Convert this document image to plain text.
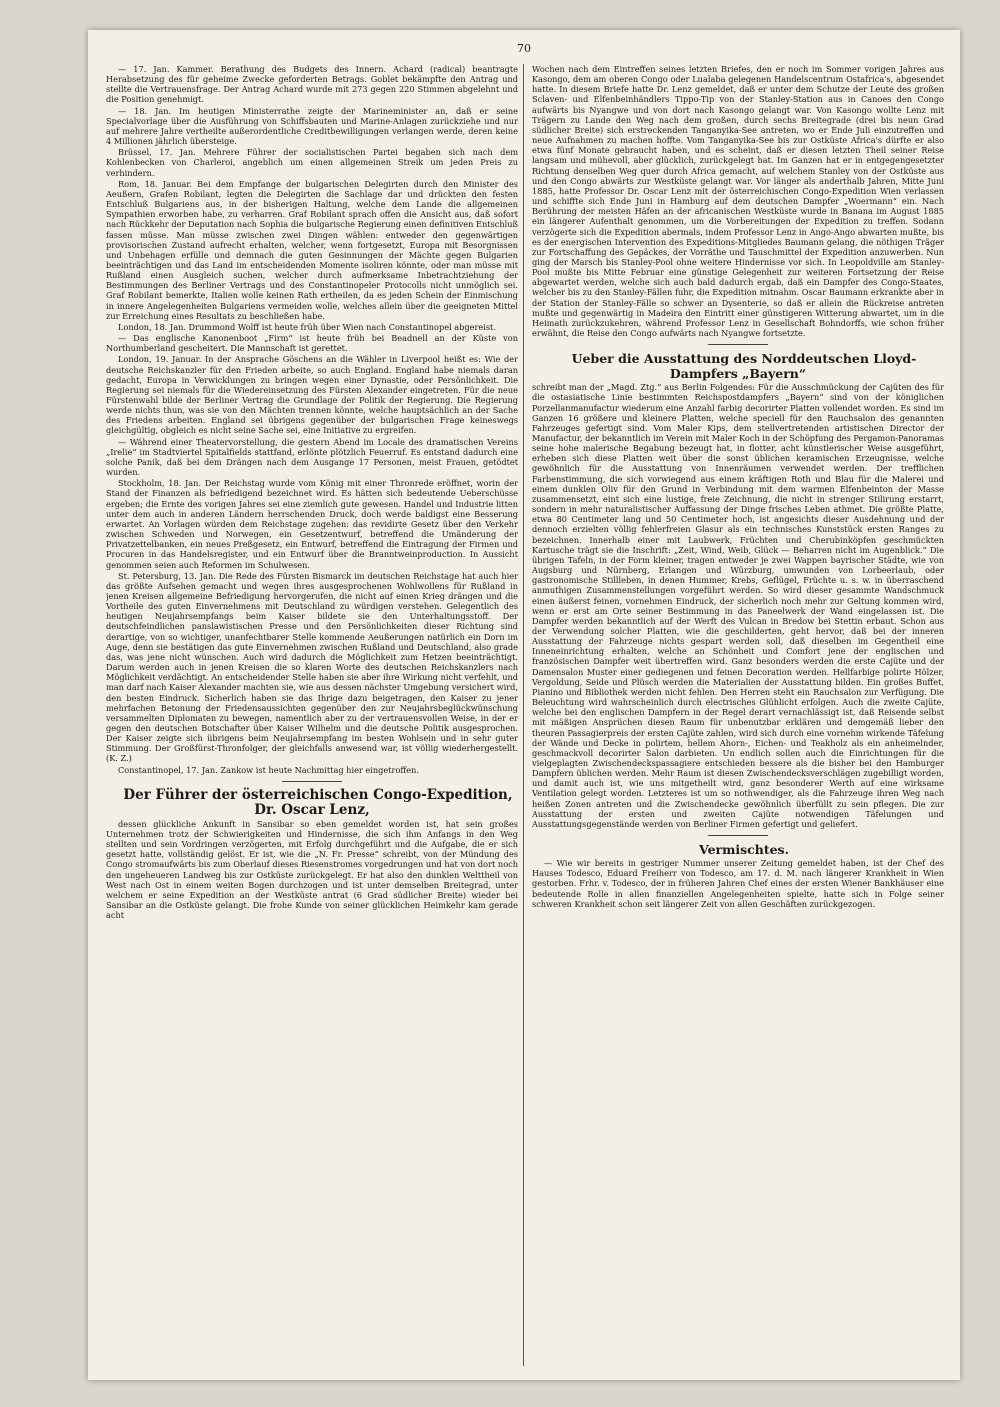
70

— 17. Jan. Kammer. Berathung des Budgets des Innern. Achard (radical) beantragte Herabsetzung des für geheime Zwecke geforderten Betrags. Goblet bekämpfte den Antrag und stellte die Vertrauensfrage. Der Antrag Achard wurde mit 273 gegen 220 Stimmen abgelehnt und die Position genehmigt.

— 18. Jan. Im heutigen Ministerrathe zeigte der Marineminister an, daß er seine Specialvorlage über die Ausführung von Schiffsbauten und Marine-Anlagen zurückziehe und nur auf mehrere Jahre vertheilte außerordentliche Creditbewilligungen verlangen werde, deren keine 4 Millionen jährlich übersteige.

Brüssel, 17. Jan. Mehrere Führer der socialistischen Partei begaben sich nach dem Kohlenbecken von Charleroi, angeblich um einen allgemeinen Streik um jeden Preis zu verhindern.

Rom, 18. Januar. Bei dem Empfange der bulgarischen Delegirten durch den Minister des Aeußern, Grafen Robilant, legten die Delegirten die Sachlage dar und drückten den festen Entschluß Bulgariens aus, in der bisherigen Haltung, welche dem Lande die allgemeinen Sympathien erworben habe, zu verharren. Graf Robilant sprach offen die Ansicht aus, daß sofort nach Rückkehr der Deputation nach Sophia die bulgarische Regierung einen definitiven Entschluß fassen müsse. Man müsse zwischen zwei Dingen wählen: entweder den gegenwärtigen provisorischen Zustand aufrecht erhalten, welcher, wenn fortgesetzt, Europa mit Besorgnissen und Unbehagen erfülle und demnach die guten Gesinnungen der Mächte gegen Bulgarien beeinträchtigen und das Land im entscheidenden Momente isoliren könnte, oder man müsse mit Rußland einen Ausgleich suchen, welcher durch aufmerksame Inbetrachtziehung der Bestimmungen des Berliner Vertrags und des Constantinopeler Protocolls nicht unmöglich sei. Graf Robilant bemerkte, Italien wolle keinen Rath ertheilen, da es jeden Schein der Einmischung in innere Angelegenheiten Bulgariens vermeiden wolle, welches allein über die geeigneten Mittel zur Erreichung eines Resultats zu beschließen habe.

London, 18. Jan. Drummond Wolff ist heute früh über Wien nach Constantinopel abgereist.

— Das englische Kanonenboot „Firm“ ist heute früh bei Beadnell an der Küste von Northumberland gescheitert. Die Mannschaft ist gerettet.

London, 19. Januar. In der Ansprache Göschens an die Wähler in Liverpool heißt es: Wie der deutsche Reichskanzler für den Frieden arbeite, so auch England. England habe niemals daran gedacht, Europa in Verwicklungen zu bringen wegen einer Dynastie, oder Persönlichkeit. Die Regierung sei niemals für die Wiedereinsetzung des Fürsten Alexander eingetreten. Für die neue Fürstenwahl bilde der Berliner Vertrag die Grundlage der Politik der Regierung. Die Regierung werde nichts thun, was sie von den Mächten trennen könnte, welche hauptsächlich an der Sache des Friedens arbeiten. England sei übrigens gegenüber der bulgarischen Frage keineswegs gleichgültig, obgleich es nicht seine Sache sei, eine Initiative zu ergreifen.

— Während einer Theatervorstellung, die gestern Abend im Locale des dramatischen Vereins „Irelie“ im Stadtviertel Spitalfields stattfand, erlönte plötzlich Feuerruf. Es entstand dadurch eine solche Panik, daß bei dem Drängen nach dem Ausgange 17 Personen, meist Frauen, getödtet wurden.

Stockholm, 18. Jan. Der Reichstag wurde vom König mit einer Thronrede eröffnet, worin der Stand der Finanzen als befriedigend bezeichnet wird. Es hätten sich bedeutende Ueberschüsse ergeben; die Ernte des vorigen Jahres sei eine ziemlich gute gewesen. Handel und Industrie litten unter dem auch in anderen Ländern herrschenden Druck, doch werde baldigst eine Besserung erwartet. An Vorlagen würden dem Reichstage zugehen: das revidirte Gesetz über den Verkehr zwischen Schweden und Norwegen, ein Gesetzentwurf, betreffend die Umänderung der Privatzettelbanken, ein neues Preßgesetz, ein Entwurf, betreffend die Eintragung der Firmen und Procuren in das Handelsregister, und ein Entwurf über die Branntweinproduction. In Aussicht genommen seien auch Reformen im Schulwesen.

St. Petersburg, 13. Jan. Die Rede des Fürsten Bismarck im deutschen Reichstage hat auch hier das größte Aufsehen gemacht und wegen ihres ausgesprochenen Wohlwollens für Rußland in jenen Kreisen allgemeine Befriedigung hervorgerufen, die nicht auf einen Krieg drängen und die Vortheile des guten Einvernehmens mit Deutschland zu würdigen verstehen. Gelegentlich des heutigen Neujahrsempfangs beim Kaiser bildete sie den Unterhaltungsstoff. Der deutschfeindlichen panslawistischen Presse und den Persönlichkeiten dieser Richtung sind derartige, von so wichtiger, unanfechtbarer Stelle kommende Aeußerungen natürlich ein Dorn im Auge, denn sie bestätigen das gute Einvernehmen zwischen Rußland und Deutschland, also grade das, was jene nicht wünschen. Auch wird dadurch die Möglichkeit zum Hetzen beeinträchtigt. Darum werden auch in jenen Kreisen die so klaren Worte des deutschen Reichskanzlers nach Möglichkeit verdächtigt. An entscheidender Stelle haben sie aber ihre Wirkung nicht verfehlt, und man darf nach Kaiser Alexander machten sie, wie aus dessen nächster Umgebung versichert wird, den besten Eindruck. Sicherlich haben sie das Ihrige dazu beigetragen, den Kaiser zu jener mehrfachen Betonung der Friedensaussichten gegenüber den zur Neujahrsbeglückwünschung versammelten Diplomaten zu bewegen, namentlich aber zu der vertrauensvollen Weise, in der er gegen den deutschen Botschafter über Kaiser Wilhelm und die deutsche Politik ausgesprochen. Der Kaiser zeigte sich übrigens beim Neujahrsempfang im besten Wohlsein und in sehr guter Stimmung. Der Großfürst-Thronfolger, der gleichfalls anwesend war, ist völlig wiederhergestellt. (K. Z.)

Constantinopel, 17. Jan. Zankow ist heute Nachmittag hier eingetroffen.

Der Führer der österreichischen Congo-Expedition, Dr. Oscar Lenz,

dessen glückliche Ankunft in Sansibar so eben gemeldet worden ist, hat sein großes Unternehmen trotz der Schwierigkeiten und Hindernisse, die sich ihm Anfangs in den Weg stellten und sein Vordringen verzögerten, mit Erfolg durchgeführt und die Aufgabe, die er sich gesetzt hatte, vollständig gelöst. Er ist, wie die „N. Fr. Presse“ schreibt, von der Mündung des Congo stromaufwärts bis zum Oberlauf dieses Riesenstromes vorgedrungen und hat von dort noch den ungeheueren Landweg bis zur Ostküste zurückgelegt. Er hat also den dunklen Welttheil von West nach Ost in einem weiten Bogen durchzogen und ist unter demselben Breitegrad, unter welchem er seine Expedition an der Westküste antrat (6 Grad südlicher Breite) wieder bei Sansibar an die Ostküste gelangt. Die frohe Kunde von seiner glücklichen Heimkehr kam gerade acht

Wochen nach dem Eintreffen seines letzten Briefes, den er noch im Sommer vorigen Jahres aus Kasongo, dem am oberen Congo oder Lualaba gelegenen Handelscentrum Ostafrica's, abgesendet hatte. In diesem Briefe hatte Dr. Lenz gemeldet, daß er unter dem Schutze der Leute des großen Sclaven- und Elfenbeinhändlers Tippo-Tip von der Stanley-Station aus in Canoes den Congo aufwärts bis Nyangwe und von dort nach Kasongo gelangt war. Von Kasongo wollte Lenz mit Trägern zu Lande den Weg nach dem großen, durch sechs Breitegrade (drei bis neun Grad südlicher Breite) sich erstreckenden Tanganyika-See antreten, wo er Ende Juli einzutreffen und neue Aufnahmen zu machen hoffte. Vom Tanganyika-See bis zur Ostküste Africa's dürfte er also etwa fünf Monate gebraucht haben, und es scheint, daß er diesen letzten Theil seiner Reise langsam und mühevoll, aber glücklich, zurückgelegt hat. Im Ganzen hat er in entgegengesetzter Richtung denselben Weg quer durch Africa gemacht, auf welchem Stanley von der Ostküste aus und den Congo abwärts zur Westküste gelangt war. Vor länger als anderthalb Jahren, Mitte Juni 1885, hatte Professor Dr. Oscar Lenz mit der österreichischen Congo-Expedition Wien verlassen und schiffte sich Ende Juni in Hamburg auf dem deutschen Dampfer „Woermann“ ein. Nach Berührung der meisten Häfen an der africanischen Westküste wurde in Banana im August 1885 ein längerer Aufenthalt genommen, um die Vorbereitungen der Expedition zu treffen. Sodann verzögerte sich die Expedition abermals, indem Professor Lenz in Ango-Ango abwarten mußte, bis es der energischen Intervention des Expeditions-Mitgliedes Baumann gelang, die nöthigen Träger zur Fortschaffung des Gepäckes, der Vorräthe und Tauschmittel der Expedition anzuwerben. Nun ging der Marsch bis Stanley-Pool ohne weitere Hindernisse vor sich. In Leopoldville am Stanley-Pool mußte bis Mitte Februar eine günstige Gelegenheit zur weiteren Fortsetzung der Reise abgewartet werden, welche sich auch bald dadurch ergab, daß ein Dampfer des Congo-Staates, welcher bis zu den Stanley-Fällen fuhr, die Expedition mitnahm. Oscar Baumann erkrankte aber in der Station der Stanley-Fälle so schwer an Dysenterie, so daß er allein die Rückreise antreten mußte und gegenwärtig in Madeira den Eintritt einer günstigeren Witterung abwartet, um in die Heimath zurückzukehren, während Professor Lenz in Gesellschaft Bohndorffs, wie schon früher erwähnt, die Reise den Congo aufwärts nach Nyangwe fortsetzte.

Ueber die Ausstattung des Norddeutschen Lloyd-Dampfers „Bayern“

schreibt man der „Magd. Ztg.“ aus Berlin Folgendes: Für die Ausschmückung der Cajüten des für die ostasiatische Linie bestimmten Reichspostdampfers „Bayern“ sind von der königlichen Porzellanmanufactur wiederum eine Anzahl farbig decorirter Platten vollendet worden. Es sind im Ganzen 16 größere und kleinere Platten, welche speciell für den Rauchsalon des genannten Fahrzeuges gefertigt sind. Vom Maler Kips, dem stellvertretenden artistischen Director der Manufactur, der bekanntlich im Verein mit Maler Koch in der Schöpfung des Pergamon-Panoramas seine hohe malerische Begabung bezeugt hat, in flotter, acht künstlerischer Weise ausgeführt, erheben sich diese Platten weit über die sonst üblichen keramischen Erzeugnisse, welche gewöhnlich für die Ausstattung von Innenräumen verwendet werden. Der trefflichen Farbenstimmung, die sich vorwiegend aus einem kräftigen Roth und Blau für die Malerei und einem dunklen Oliv für den Grund in Verbindung mit dem warmen Elfenbeinton der Masse zusammensetzt, eint sich eine lustige, freie Zeichnung, die nicht in strenger Stilirung erstarrt, sondern in mehr naturalistischer Auffassung der Dinge frisches Leben athmet. Die größte Platte, etwa 80 Centimeter lang und 50 Centimeter hoch, ist angesichts dieser Ausdehnung und der dennoch erzielten völlig fehlerfreien Glasur als ein technisches Kunststück ersten Ranges zu bezeichnen. Innerhalb einer mit Laubwerk, Früchten und Cherubinköpfen geschmückten Kartusche trägt sie die Inschrift: „Zeit, Wind, Weib, Glück — Beharren nicht im Augenblick.“ Die übrigen Tafeln, in der Form kleiner, tragen entweder je zwei Wappen bayrischer Städte, wie von Augsburg und Nürnberg, Erlangen und Würzburg, umwunden von Lorbeerlaub, oder gastronomische Stillleben, in denen Hummer, Krebs, Geflügel, Früchte u. s. w. in überraschend anmuthigen Zusammenstellungen vorgeführt werden. So wird dieser gesammte Wandschmuck einen äußerst feinen, vornehmen Eindruck, der sicherlich noch mehr zur Geltung kommen wird, wenn er erst am Orte seiner Bestimmung in das Paneelwerk der Wand eingelassen ist. Die Dampfer werden bekanntlich auf der Werft des Vulcan in Bredow bei Stettin erbaut. Schon aus der Verwendung solcher Platten, wie die geschilderten, geht hervor, daß bei der inneren Ausstattung der Fahrzeuge nichts gespart werden soll, daß dieselben im Gegentheil eine Inneneinrichtung erhalten, welche an Schönheit und Comfort jene der englischen und französischen Dampfer weit übertreffen wird. Ganz besonders werden die erste Cajüte und der Damensalon Muster einer gediegenen und feinen Decoration werden. Hellfarbige polirte Hölzer, Vergoldung, Seide und Plüsch werden die Materialien der Ausstattung bilden. Ein großes Buffet, Pianino und Bibliothek werden nicht fehlen. Den Herren steht ein Rauchsalon zur Verfügung. Die Beleuchtung wird wahrscheinlich durch electrisches Glühlicht erfolgen. Auch die zweite Cajüte, welche bei den englischen Dampfern in der Regel derart vernachlässigt ist, daß Reisende selbst mit mäßigen Ansprüchen diesen Raum für unbenutzbar erklären und demgemäß lieber den theuren Passagierpreis der ersten Cajüte zahlen, wird sich durch eine vornehm wirkende Täfelung der Wände und Decke in polirtem, hellem Ahorn-, Eichen- und Teakholz als ein anheimelnder, geschmackvoll decorirter Salon darbieten. Un endlich sollen auch die Einrichtungen für die vielgeplagten Zwischendeckspassagiere entschieden bessere als die bisher bei den Hamburger Dampfern üblichen werden. Mehr Raum ist diesen Zwischendecksverschlägen zugebilligt worden, und damit auch ist, wie uns mitgetheilt wird, ganz besonderer Werth auf eine wirksame Ventilation gelegt worden. Letzteres ist um so nothwendiger, als die Fahrzeuge ihren Weg nach heißen Zonen antreten und die Zwischendecke gewöhnlich überfüllt zu sein pflegen. Die zur Ausstattung der ersten und zweiten Cajüte notwendigen Täfelungen und Ausstattungsgegenstände werden von Berliner Firmen gefertigt und geliefert.

Vermischtes.

— Wie wir bereits in gestriger Nummer unserer Zeitung gemeldet haben, ist der Chef des Hauses Todesco, Eduard Freiherr von Todesco, am 17. d. M. nach längerer Krankheit in Wien gestorben. Frhr. v. Todesco, der in früheren Jahren Chef eines der ersten Wiener Bankhäuser eine bedeutende Rolle in allen finanziellen Angelegenheiten spielte, hatte sich in Folge seiner schweren Krankheit schon seit längerer Zeit von allen Geschäften zurückgezogen.
